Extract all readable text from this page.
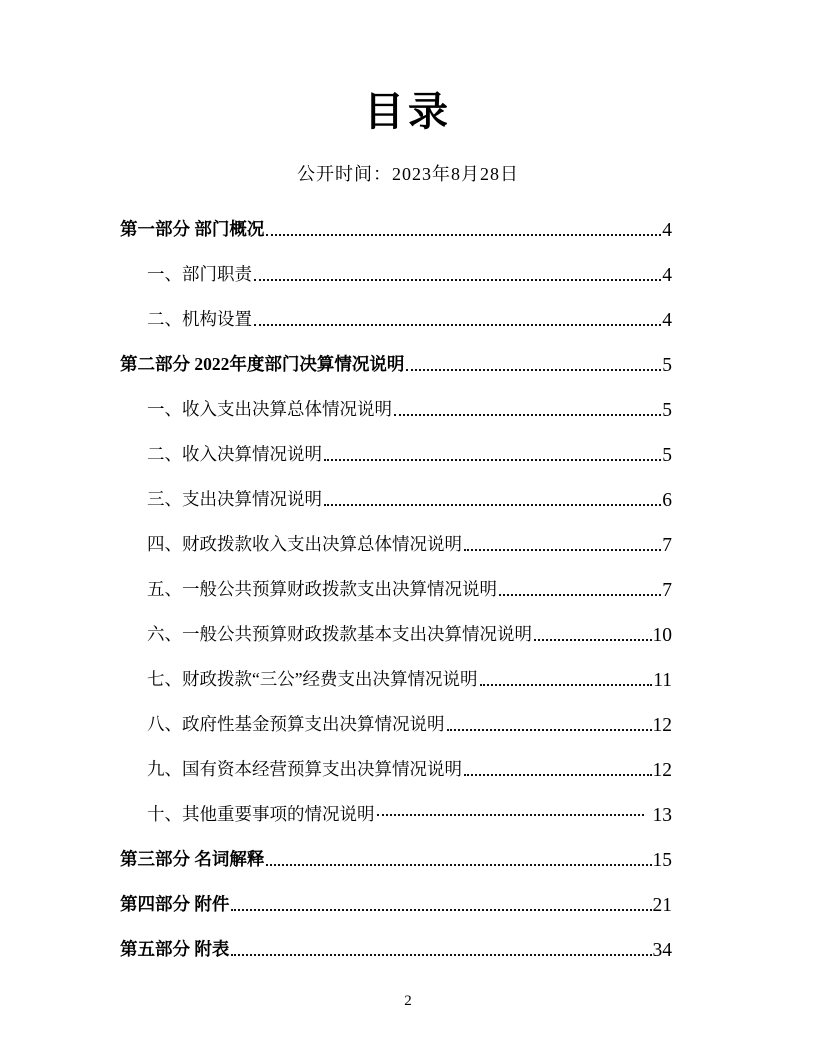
目录
公开时间：2023年8月28日
第一部分 部门概况	4
一、部门职责	4
二、机构设置	4
第二部分 2022年度部门决算情况说明	5
一、收入支出决算总体情况说明	5
二、收入决算情况说明	5
三、支出决算情况说明	6
四、财政拨款收入支出决算总体情况说明	7
五、一般公共预算财政拨款支出决算情况说明	7
六、一般公共预算财政拨款基本支出决算情况说明	10
七、财政拨款“三公”经费支出决算情况说明	11
八、政府性基金预算支出决算情况说明	12
九、国有资本经营预算支出决算情况说明	12
十、其他重要事项的情况说明	13
第三部分 名词解释	15
第四部分 附件	21
第五部分 附表	34
2
